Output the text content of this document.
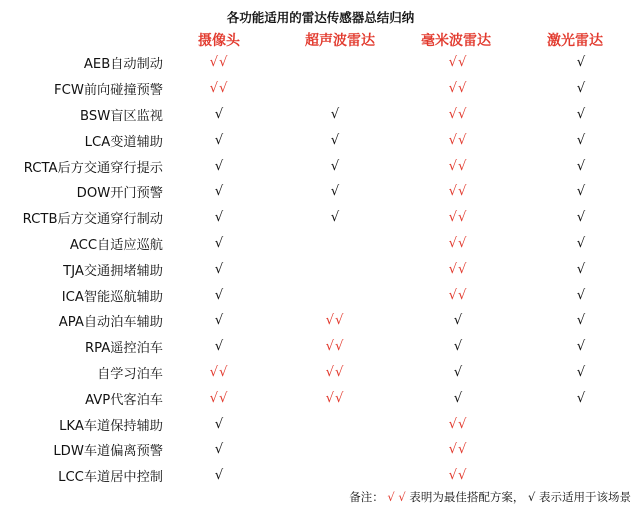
各功能适用的雷达传感器总结归纳
摄像头	超声波雷达	毫米波雷达	激光雷达
AEB自动制动	√√		√√	√
FCW前向碰撞预警	√√		√√	√
BSW盲区监视	√	√	√√	√
LCA变道辅助	√	√	√√	√
RCTA后方交通穿行提示	√	√	√√	√
DOW开门预警	√	√	√√	√
RCTB后方交通穿行制动	√	√	√√	√
ACC自适应巡航	√		√√	√
TJA交通拥堵辅助	√		√√	√
ICA智能巡航辅助	√		√√	√
APA自动泊车辅助	√	√√	√	√
RPA遥控泊车	√	√√	√	√
自学习泊车	√√	√√	√	√
AVP代客泊车	√√	√√	√	√
LKA车道保持辅助	√		√√	
LDW车道偏离预警	√		√√	
LCC车道居中控制	√		√√	
备注： √ √ 表明为最佳搭配方案， √ 表示适用于该场景
